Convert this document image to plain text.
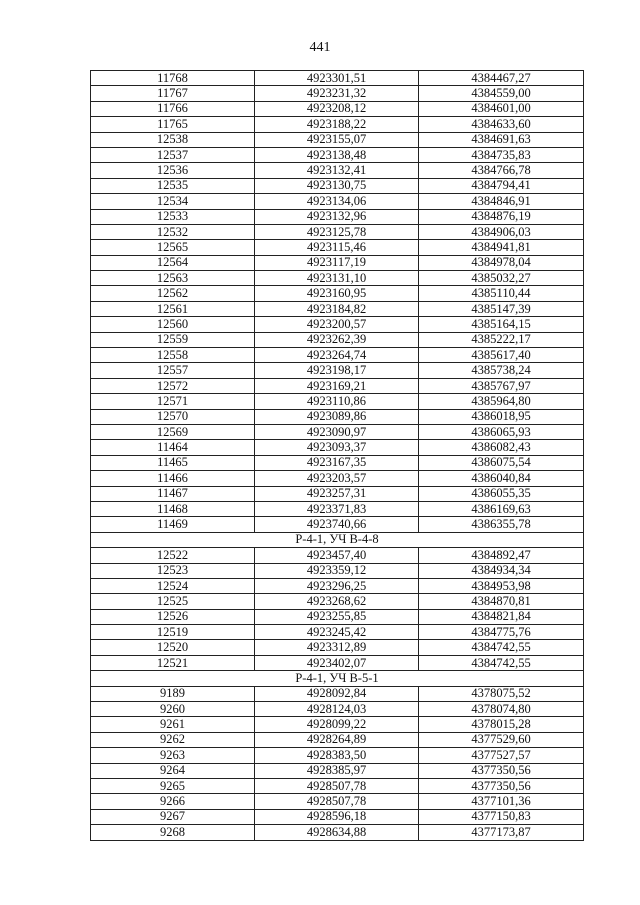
441
11768	4923301,51	4384467,27
11767	4923231,32	4384559,00
11766	4923208,12	4384601,00
11765	4923188,22	4384633,60
12538	4923155,07	4384691,63
12537	4923138,48	4384735,83
12536	4923132,41	4384766,78
12535	4923130,75	4384794,41
12534	4923134,06	4384846,91
12533	4923132,96	4384876,19
12532	4923125,78	4384906,03
12565	4923115,46	4384941,81
12564	4923117,19	4384978,04
12563	4923131,10	4385032,27
12562	4923160,95	4385110,44
12561	4923184,82	4385147,39
12560	4923200,57	4385164,15
12559	4923262,39	4385222,17
12558	4923264,74	4385617,40
12557	4923198,17	4385738,24
12572	4923169,21	4385767,97
12571	4923110,86	4385964,80
12570	4923089,86	4386018,95
12569	4923090,97	4386065,93
11464	4923093,37	4386082,43
11465	4923167,35	4386075,54
11466	4923203,57	4386040,84
11467	4923257,31	4386055,35
11468	4923371,83	4386169,63
11469	4923740,66	4386355,78
Р-4-1, УЧ В-4-8		
12522	4923457,40	4384892,47
12523	4923359,12	4384934,34
12524	4923296,25	4384953,98
12525	4923268,62	4384870,81
12526	4923255,85	4384821,84
12519	4923245,42	4384775,76
12520	4923312,89	4384742,55
12521	4923402,07	4384742,55
Р-4-1, УЧ В-5-1		
9189	4928092,84	4378075,52
9260	4928124,03	4378074,80
9261	4928099,22	4378015,28
9262	4928264,89	4377529,60
9263	4928383,50	4377527,57
9264	4928385,97	4377350,56
9265	4928507,78	4377350,56
9266	4928507,78	4377101,36
9267	4928596,18	4377150,83
9268	4928634,88	4377173,87
